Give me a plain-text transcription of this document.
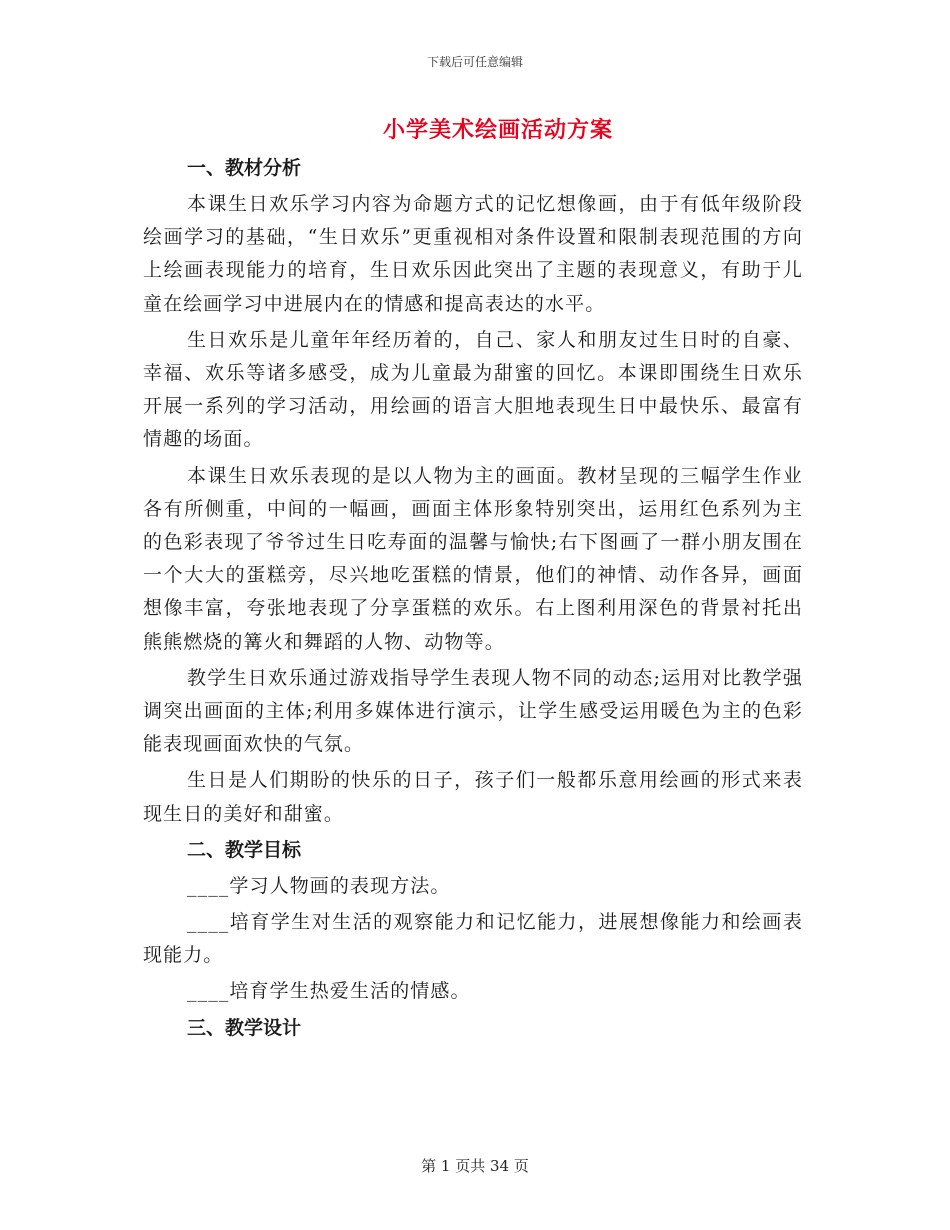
下载后可任意编辑
小学美术绘画活动方案
一、教材分析

本课生日欢乐学习内容为命题方式的记忆想像画，由于有低年级阶段绘画学习的基础，“生日欢乐”更重视相对条件设置和限制表现范围的方向上绘画表现能力的培育，生日欢乐因此突出了主题的表现意义，有助于儿童在绘画学习中进展内在的情感和提高表达的水平。

生日欢乐是儿童年年经历着的，自己、家人和朋友过生日时的自豪、幸福、欢乐等诸多感受，成为儿童最为甜蜜的回忆。本课即围绕生日欢乐开展一系列的学习活动，用绘画的语言大胆地表现生日中最快乐、最富有情趣的场面。

本课生日欢乐表现的是以人物为主的画面。教材呈现的三幅学生作业各有所侧重，中间的一幅画，画面主体形象特别突出，运用红色系列为主的色彩表现了爷爷过生日吃寿面的温馨与愉快;右下图画了一群小朋友围在一个大大的蛋糕旁，尽兴地吃蛋糕的情景，他们的神情、动作各异，画面想像丰富，夸张地表现了分享蛋糕的欢乐。右上图利用深色的背景衬托出熊熊燃烧的篝火和舞蹈的人物、动物等。

教学生日欢乐通过游戏指导学生表现人物不同的动态;运用对比教学强调突出画面的主体;利用多媒体进行演示，让学生感受运用暖色为主的色彩能表现画面欢快的气氛。

生日是人们期盼的快乐的日子，孩子们一般都乐意用绘画的形式来表现生日的美好和甜蜜。

二、教学目标

____学习人物画的表现方法。

____培育学生对生活的观察能力和记忆能力，进展想像能力和绘画表现能力。

____培育学生热爱生活的情感。

三、教学设计
第 1 页共 34 页
